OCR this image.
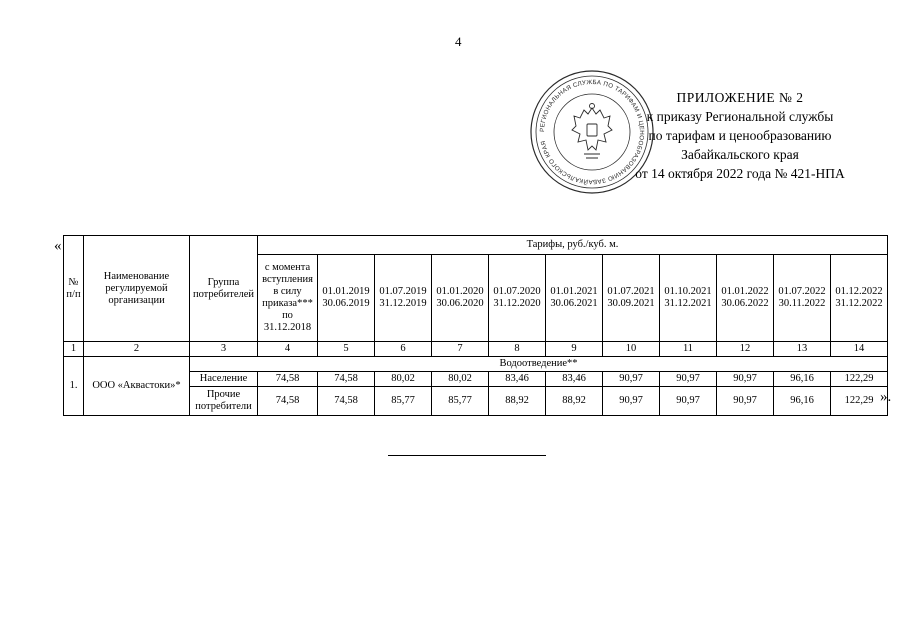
4
РЕГИОНАЛЬНАЯ СЛУЖБА ПО ТАРИФАМ И ЦЕНООБРАЗОВАНИЮ ЗАБАЙКАЛЬСКОГО КРАЯ
ПРИЛОЖЕНИЕ № 2
к приказу Региональной службы
по тарифам и ценообразованию
Забайкальского края
от 14 октября 2022 года № 421-НПА
«
№ п/п	Наименование регулируемой организации	Группа потребителей	Тарифы, руб./куб. м.										
			с момента вступления в силу приказа*** по 31.12.2018	01.01.2019 30.06.2019	01.07.2019 31.12.2019	01.01.2020 30.06.2020	01.07.2020 31.12.2020	01.01.2021 30.06.2021	01.07.2021 30.09.2021	01.10.2021 31.12.2021	01.01.2022 30.06.2022	01.07.2022 30.11.2022	01.12.2022 31.12.2022
1	2	3	4	5	6	7	8	9	10	11	12	13	14
1.	ООО «Аквастоки»*	Водоотведение**											
		Население	74,58	74,58	80,02	80,02	83,46	83,46	90,97	90,97	90,97	96,16	122,29
		Прочие потребители	74,58	74,58	85,77	85,77	88,92	88,92	90,97	90,97	90,97	96,16	122,29 ».
